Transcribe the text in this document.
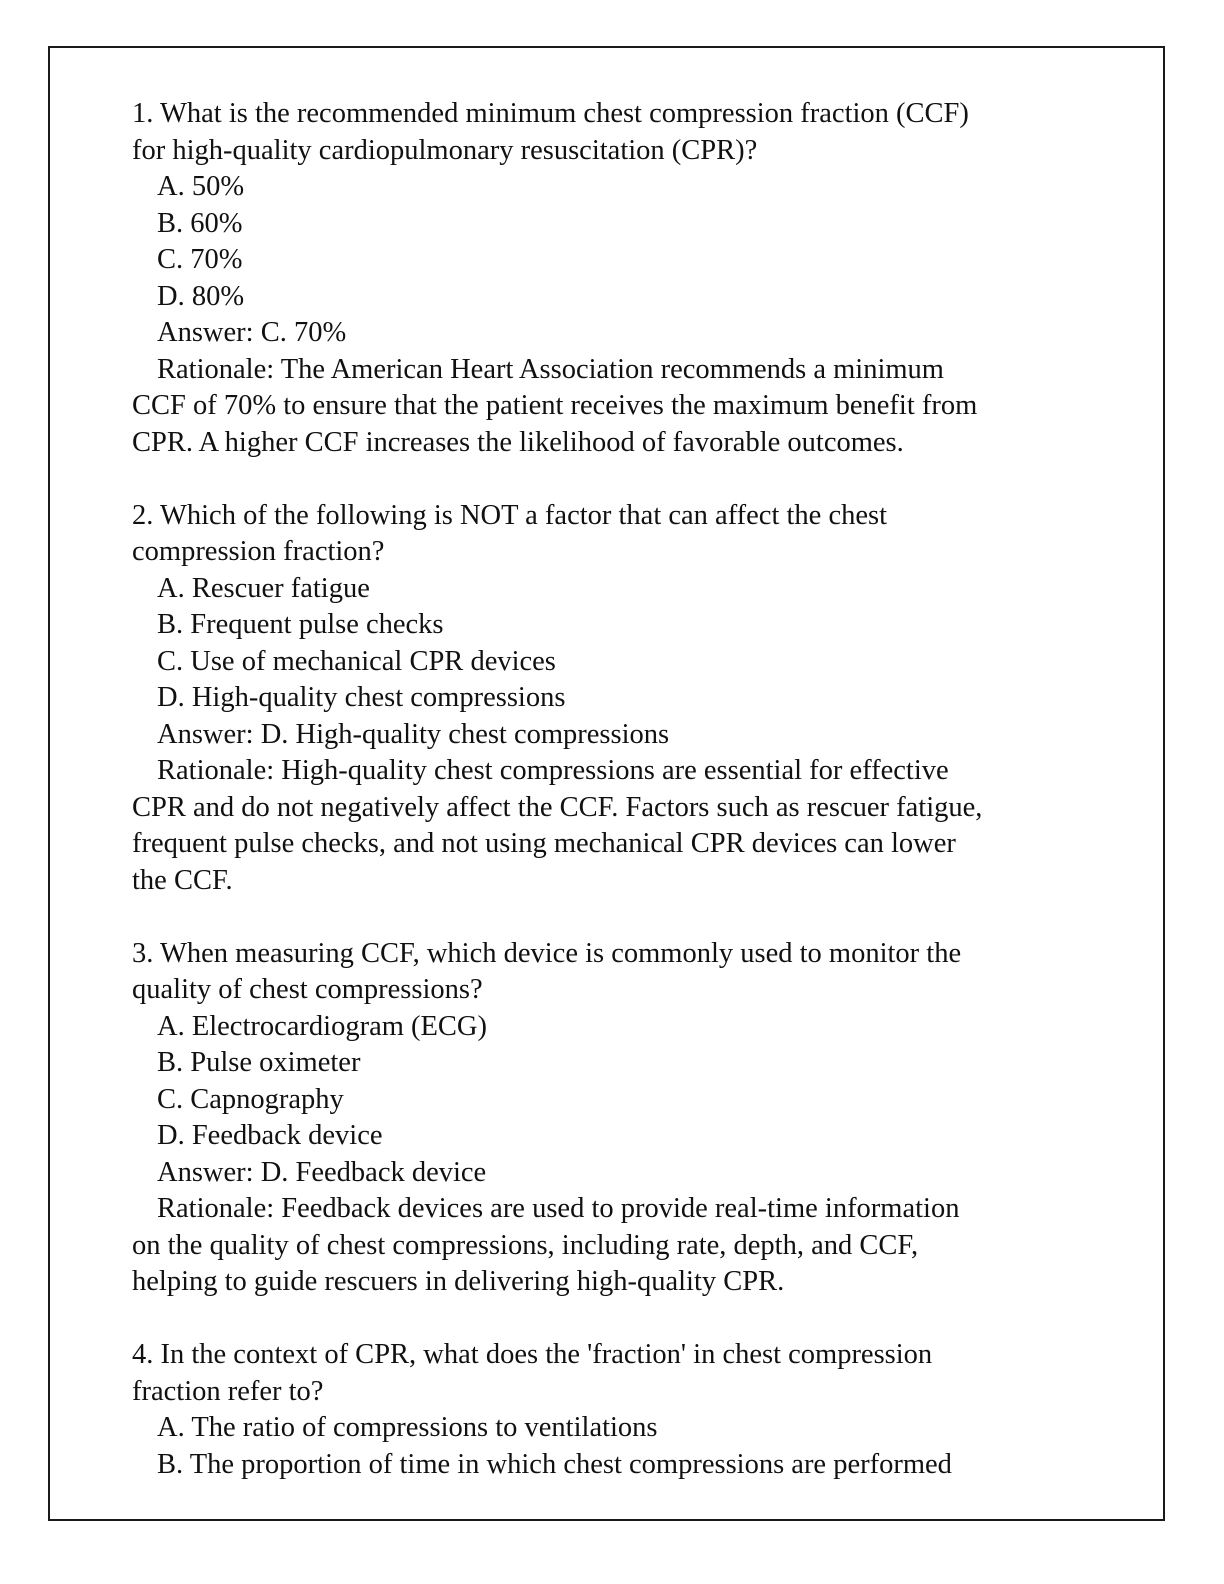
1. What is the recommended minimum chest compression fraction (CCF)
for high-quality cardiopulmonary resuscitation (CPR)?
A. 50%
B. 60%
C. 70%
D. 80%
Answer: C. 70%
Rationale: The American Heart Association recommends a minimum
CCF of 70% to ensure that the patient receives the maximum benefit from
CPR. A higher CCF increases the likelihood of favorable outcomes.
2. Which of the following is NOT a factor that can affect the chest
compression fraction?
A. Rescuer fatigue
B. Frequent pulse checks
C. Use of mechanical CPR devices
D. High-quality chest compressions
Answer: D. High-quality chest compressions
Rationale: High-quality chest compressions are essential for effective
CPR and do not negatively affect the CCF. Factors such as rescuer fatigue,
frequent pulse checks, and not using mechanical CPR devices can lower
the CCF.
3. When measuring CCF, which device is commonly used to monitor the
quality of chest compressions?
A. Electrocardiogram (ECG)
B. Pulse oximeter
C. Capnography
D. Feedback device
Answer: D. Feedback device
Rationale: Feedback devices are used to provide real-time information
on the quality of chest compressions, including rate, depth, and CCF,
helping to guide rescuers in delivering high-quality CPR.
4. In the context of CPR, what does the 'fraction' in chest compression
fraction refer to?
A. The ratio of compressions to ventilations
B. The proportion of time in which chest compressions are performed
